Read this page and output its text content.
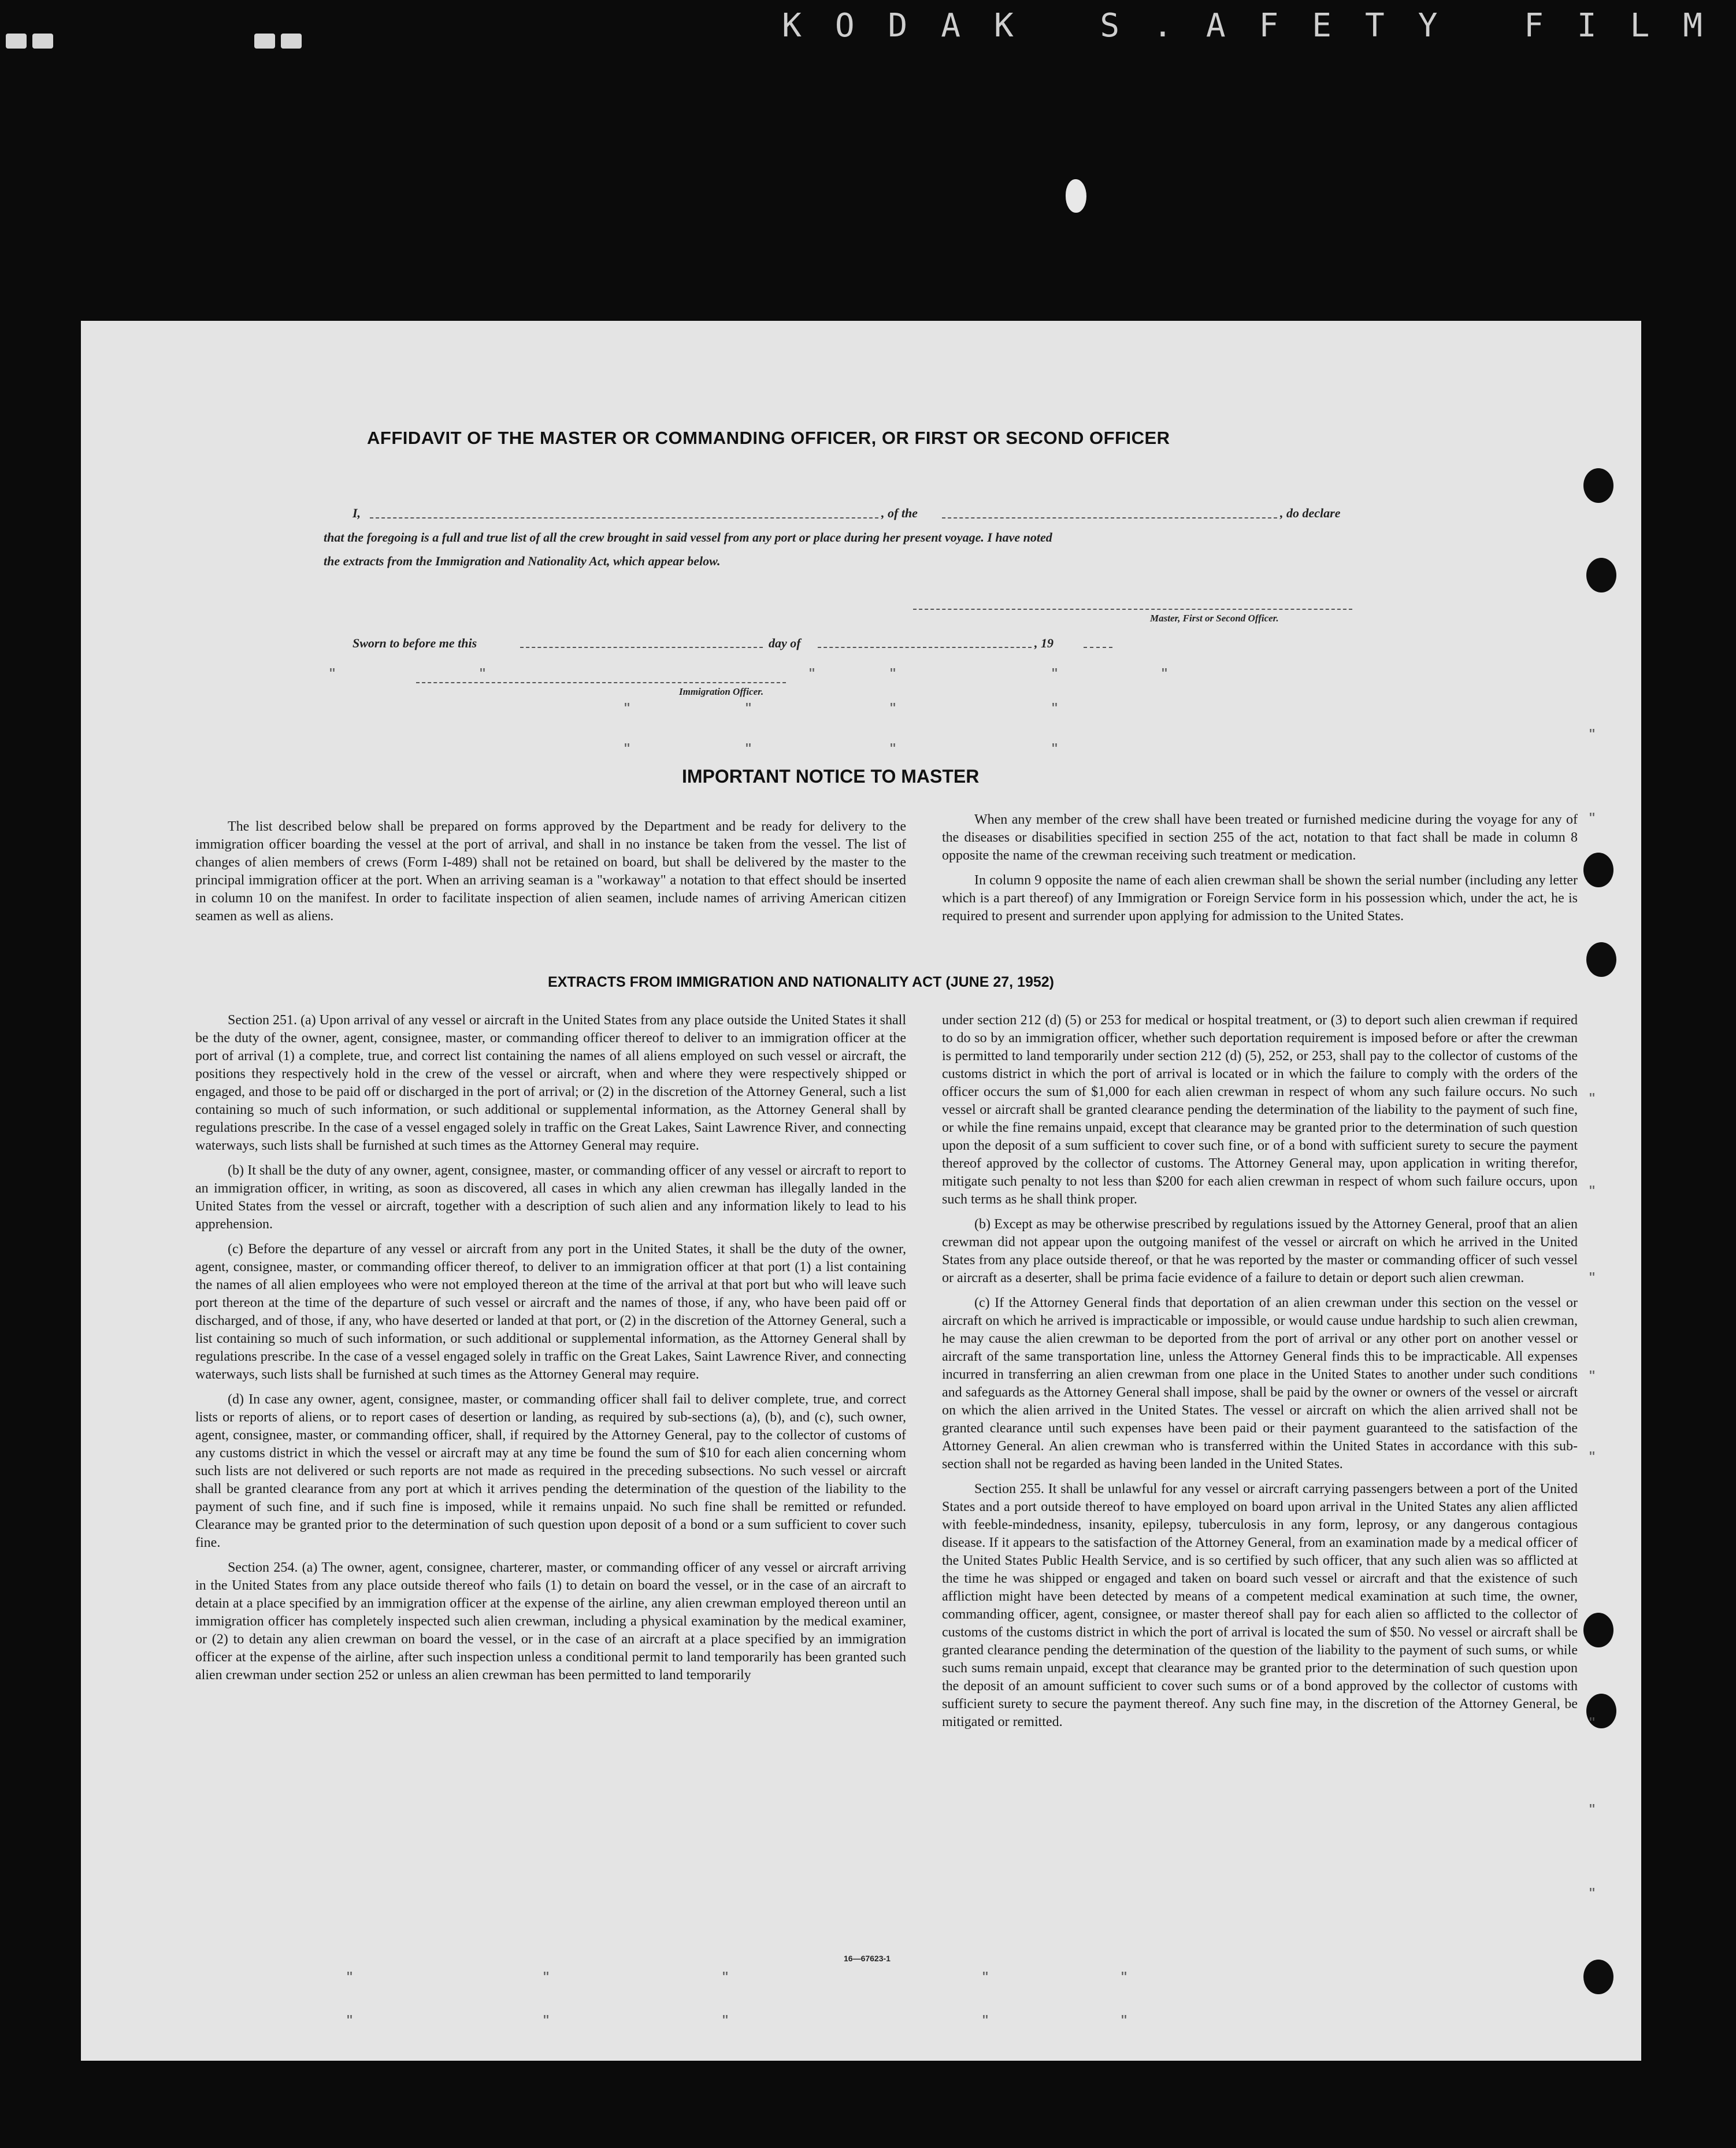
KODAK S.AFETY FILM
"	"	"	"	"	"
"	"	"	"
"	"	"	"
"
"
"
"
"
"
"
"
"
"
"	"	"	"	"
"	"	"	"	"
AFFIDAVIT OF THE MASTER OR COMMANDING OFFICER, OR FIRST OR SECOND OFFICER
I,	, of the	, do declare
that the foregoing is a full and true list of all the crew brought in said vessel from any port or place during her present voyage. I have noted
the extracts from the Immigration and Nationality Act, which appear below.
Master, First or Second Officer.
Sworn to before me this	day of	, 19
Immigration Officer.
IMPORTANT NOTICE TO MASTER

The list described below shall be prepared on forms approved by the Department and be ready for delivery to the immigration officer boarding the vessel at the port of arrival, and shall in no instance be taken from the vessel. The list of changes of alien members of crews (Form I-489) shall not be retained on board, but shall be delivered by the master to the principal immigration officer at the port. When an arriving seaman is a "workaway" a notation to that effect should be inserted in column 10 on the manifest. In order to facilitate inspection of alien seamen, include names of arriving American citizen seamen as well as aliens.

When any member of the crew shall have been treated or furnished medicine during the voyage for any of the diseases or disabilities specified in section 255 of the act, notation to that fact shall be made in column 8 opposite the name of the crewman receiving such treatment or medication.

In column 9 opposite the name of each alien crewman shall be shown the serial number (including any letter which is a part thereof) of any Immigration or Foreign Service form in his possession which, under the act, he is required to present and surrender upon applying for admission to the United States.

EXTRACTS FROM IMMIGRATION AND NATIONALITY ACT (JUNE 27, 1952)

Section 251. (a) Upon arrival of any vessel or aircraft in the United States from any place outside the United States it shall be the duty of the owner, agent, consignee, master, or commanding officer thereof to deliver to an immigration officer at the port of arrival (1) a complete, true, and correct list containing the names of all aliens employed on such vessel or aircraft, the positions they respectively hold in the crew of the vessel or aircraft, when and where they were respectively shipped or engaged, and those to be paid off or discharged in the port of arrival; or (2) in the discretion of the Attorney General, such a list containing so much of such information, or such additional or supplemental information, as the Attorney General shall by regulations prescribe. In the case of a vessel engaged solely in traffic on the Great Lakes, Saint Lawrence River, and connecting waterways, such lists shall be furnished at such times as the Attorney General may require.

(b) It shall be the duty of any owner, agent, consignee, master, or commanding officer of any vessel or aircraft to report to an immigration officer, in writing, as soon as discovered, all cases in which any alien crewman has illegally landed in the United States from the vessel or aircraft, together with a description of such alien and any information likely to lead to his apprehension.

(c) Before the departure of any vessel or aircraft from any port in the United States, it shall be the duty of the owner, agent, consignee, master, or commanding officer thereof, to deliver to an immigration officer at that port (1) a list containing the names of all alien employees who were not employed thereon at the time of the arrival at that port but who will leave such port thereon at the time of the departure of such vessel or aircraft and the names of those, if any, who have been paid off or discharged, and of those, if any, who have deserted or landed at that port, or (2) in the discretion of the Attorney General, such a list containing so much of such information, or such additional or supplemental information, as the Attorney General shall by regulations prescribe. In the case of a vessel engaged solely in traffic on the Great Lakes, Saint Lawrence River, and connecting waterways, such lists shall be furnished at such times as the Attorney General may require.

(d) In case any owner, agent, consignee, master, or commanding officer shall fail to deliver complete, true, and correct lists or reports of aliens, or to report cases of desertion or landing, as required by sub-sections (a), (b), and (c), such owner, agent, consignee, master, or commanding officer, shall, if required by the Attorney General, pay to the collector of customs of any customs district in which the vessel or aircraft may at any time be found the sum of $10 for each alien concerning whom such lists are not delivered or such reports are not made as required in the preceding subsections. No such vessel or aircraft shall be granted clearance from any port at which it arrives pending the determination of the question of the liability to the payment of such fine, and if such fine is imposed, while it remains unpaid. No such fine shall be remitted or refunded. Clearance may be granted prior to the determination of such question upon deposit of a bond or a sum sufficient to cover such fine.

Section 254. (a) The owner, agent, consignee, charterer, master, or commanding officer of any vessel or aircraft arriving in the United States from any place outside thereof who fails (1) to detain on board the vessel, or in the case of an aircraft to detain at a place specified by an immigration officer at the expense of the airline, any alien crewman employed thereon until an immigration officer has completely inspected such alien crewman, including a physical examination by the medical examiner, or (2) to detain any alien crewman on board the vessel, or in the case of an aircraft at a place specified by an immigration officer at the expense of the airline, after such inspection unless a conditional permit to land temporarily has been granted such alien crewman under section 252 or unless an alien crewman has been permitted to land temporarily

under section 212 (d) (5) or 253 for medical or hospital treatment, or (3) to deport such alien crewman if required to do so by an immigration officer, whether such deportation requirement is imposed before or after the crewman is permitted to land temporarily under section 212 (d) (5), 252, or 253, shall pay to the collector of customs of the customs district in which the port of arrival is located or in which the failure to comply with the orders of the officer occurs the sum of $1,000 for each alien crewman in respect of whom any such failure occurs. No such vessel or aircraft shall be granted clearance pending the determination of the liability to the payment of such fine, or while the fine remains unpaid, except that clearance may be granted prior to the determination of such question upon the deposit of a sum sufficient to cover such fine, or of a bond with sufficient surety to secure the payment thereof approved by the collector of customs. The Attorney General may, upon application in writing therefor, mitigate such penalty to not less than $200 for each alien crewman in respect of whom such failure occurs, upon such terms as he shall think proper.

(b) Except as may be otherwise prescribed by regulations issued by the Attorney General, proof that an alien crewman did not appear upon the outgoing manifest of the vessel or aircraft on which he arrived in the United States from any place outside thereof, or that he was reported by the master or commanding officer of such vessel or aircraft as a deserter, shall be prima facie evidence of a failure to detain or deport such alien crewman.

(c) If the Attorney General finds that deportation of an alien crewman under this section on the vessel or aircraft on which he arrived is impracticable or impossible, or would cause undue hardship to such alien crewman, he may cause the alien crewman to be deported from the port of arrival or any other port on another vessel or aircraft of the same transportation line, unless the Attorney General finds this to be impracticable. All expenses incurred in transferring an alien crewman from one place in the United States to another under such conditions and safeguards as the Attorney General shall impose, shall be paid by the owner or owners of the vessel or aircraft on which the alien arrived in the United States. The vessel or aircraft on which the alien arrived shall not be granted clearance until such expenses have been paid or their payment guaranteed to the satisfaction of the Attorney General. An alien crewman who is transferred within the United States in accordance with this sub-section shall not be regarded as having been landed in the United States.

Section 255. It shall be unlawful for any vessel or aircraft carrying passengers between a port of the United States and a port outside thereof to have employed on board upon arrival in the United States any alien afflicted with feeble-mindedness, insanity, epilepsy, tuberculosis in any form, leprosy, or any dangerous contagious disease. If it appears to the satisfaction of the Attorney General, from an examination made by a medical officer of the United States Public Health Service, and is so certified by such officer, that any such alien was so afflicted at the time he was shipped or engaged and taken on board such vessel or aircraft and that the existence of such affliction might have been detected by means of a competent medical examination at such time, the owner, commanding officer, agent, consignee, or master thereof shall pay for each alien so afflicted to the collector of customs of the customs district in which the port of arrival is located the sum of $50. No vessel or aircraft shall be granted clearance pending the determination of the question of the liability to the payment of such sums, or while such sums remain unpaid, except that clearance may be granted prior to the determination of such question upon the deposit of an amount sufficient to cover such sums or of a bond approved by the collector of customs with sufficient surety to secure the payment thereof. Any such fine may, in the discretion of the Attorney General, be mitigated or remitted.

16—67623-1
